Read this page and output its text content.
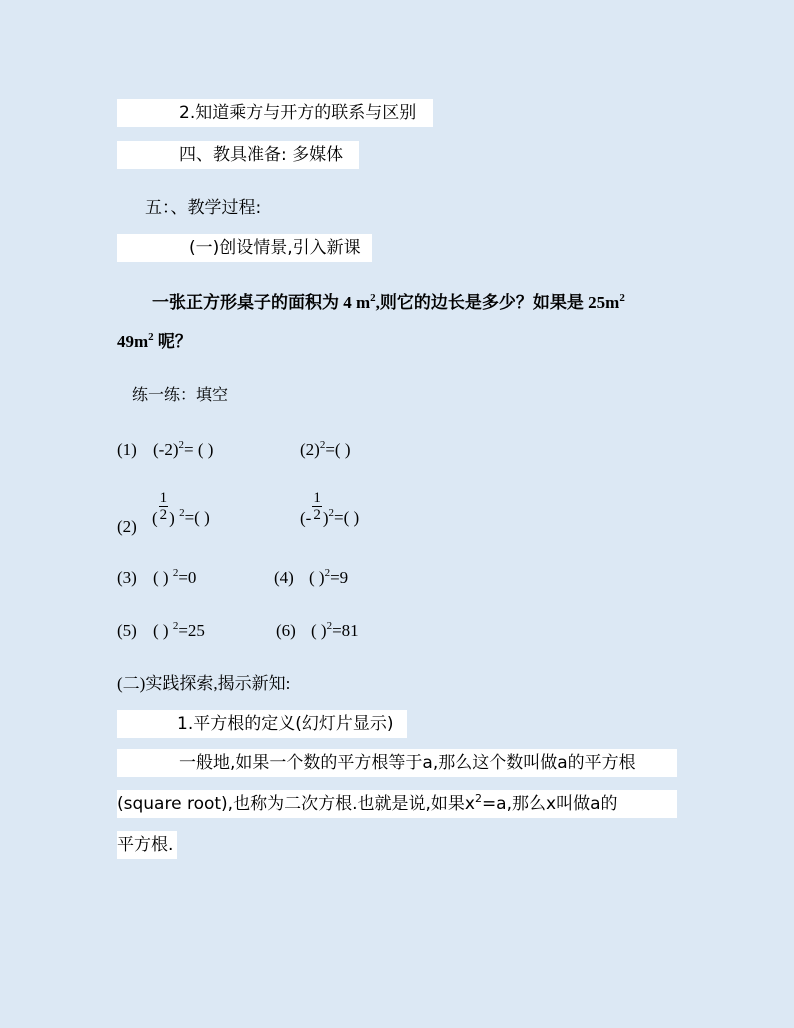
2.知道乘方与开方的联系与区别
四、教具准备: 多媒体
五：、教学过程:
(一)创设情景,引入新课
一张正方形桌子的面积为 4 $m^2$,则它的边长是多少？如果是 $25m^2$
$49m^2$ 呢？
练一练：填空
(1) $(-2)^2=$ ( )	$(2)^2=$( )
(2) ( $\frac{1}{2}$ ) $^2$=( )	(- $\frac{1}{2} )^2=$( )
(3) ( ) $^2$=0	(4) ( )$^2$=9
(5) ( ) $^2$=25	(6) ( )$^2$=81
(二)实践探索,揭示新知:
1.平方根的定义(幻灯片显示)
一般地,如果一个数的平方根等于a,那么这个数叫做a的平方根
(square root),也称为二次方根.也就是说,如果$x^2=a$,那么x叫做a的
平方根.
